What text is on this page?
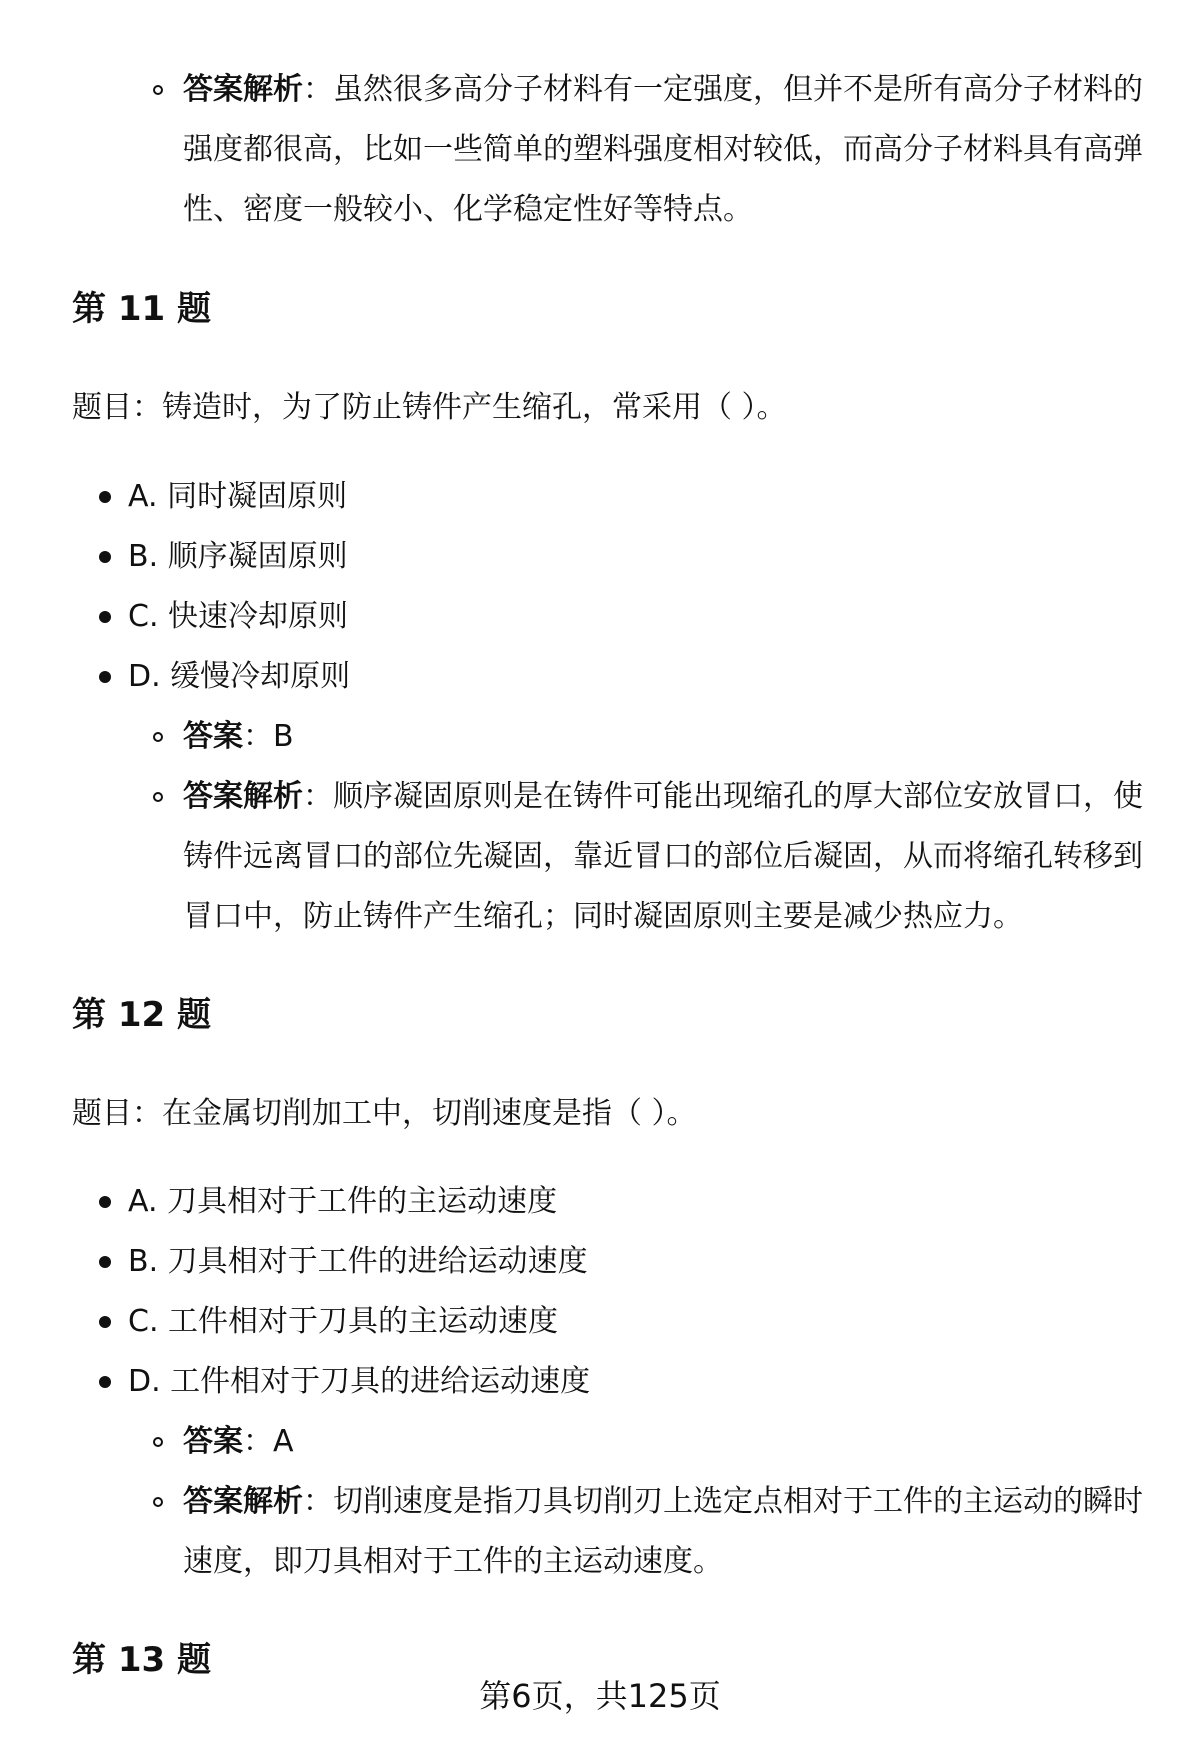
答案解析：虽然很多高分子材料有一定强度，但并不是所有高分子材料的
强度都很高，比如一些简单的塑料强度相对较低，而高分子材料具有高弹
性、密度一般较小、化学稳定性好等特点。
第 11 题
题目：铸造时，为了防止铸件产生缩孔，常采用（ ）。
A. 同时凝固原则
B. 顺序凝固原则
C. 快速冷却原则
D. 缓慢冷却原则
答案：B
答案解析：顺序凝固原则是在铸件可能出现缩孔的厚大部位安放冒口，使
铸件远离冒口的部位先凝固，靠近冒口的部位后凝固，从而将缩孔转移到
冒口中，防止铸件产生缩孔；同时凝固原则主要是减少热应力。
第 12 题
题目：在金属切削加工中，切削速度是指（ ）。
A. 刀具相对于工件的主运动速度
B. 刀具相对于工件的进给运动速度
C. 工件相对于刀具的主运动速度
D. 工件相对于刀具的进给运动速度
答案：A
答案解析：切削速度是指刀具切削刃上选定点相对于工件的主运动的瞬时
速度，即刀具相对于工件的主运动速度。
第 13 题
第6页，共125页
